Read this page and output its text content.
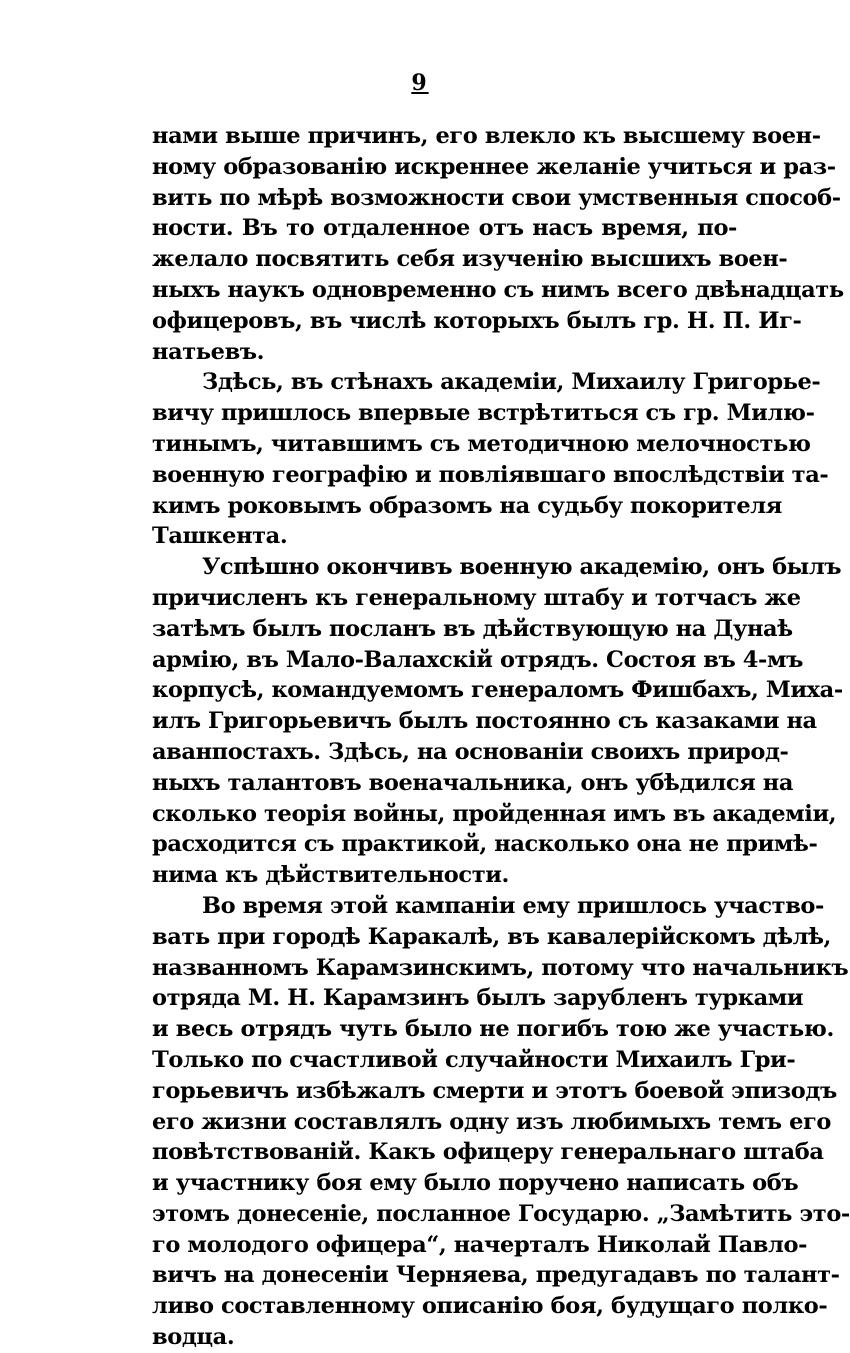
9
нами выше причинъ, его влекло къ высшему воен-
ному образованiю искреннее желанiе учиться и раз-
вить по мѣрѣ возможности свои умственныя способ-
ности. Въ то отдаленное отъ насъ время, по-
желало посвятить себя изученiю высшихъ воен-
ныхъ наукъ одновременно съ нимъ всего двѣнадцать
офицеровъ, въ числѣ которыхъ былъ гр. Н. П. Иг-
натьевъ.
Здѣсь, въ стѣнахъ академiи, Михаилу Григорье-
вичу пришлось впервые встрѣтиться съ гр. Милю-
тинымъ, читавшимъ съ методичною мелочностью
военную географiю и повлiявшаго впослѣдствiи та-
кимъ роковымъ образомъ на судьбу покорителя
Ташкента.
Успѣшно окончивъ военную академiю, онъ былъ
причисленъ къ генеральному штабу и тотчасъ же
затѣмъ былъ посланъ въ дѣйствующую на Дунаѣ
армiю, въ Мало-Валахскiй отрядъ. Состоя въ 4-мъ
корпусѣ, командуемомъ генераломъ Фишбахъ, Миха-
илъ Григорьевичъ былъ постоянно съ казаками на
аванпостахъ. Здѣсь, на основанiи своихъ природ-
ныхъ талантовъ военачальника, онъ убѣдился на
сколько теорiя войны, пройденная имъ въ академiи,
расходится съ практикой, насколько она не примѣ-
нима къ дѣйствительности.
Во время этой кампанiи ему пришлось участво-
вать при городѣ Каракалѣ, въ кавалерiйскомъ дѣлѣ,
названномъ Карамзинскимъ, потому что начальникъ
отряда М. Н. Карамзинъ былъ зарубленъ турками
и весь отрядъ чуть было не погибъ тою же участью.
Только по счастливой случайности Михаилъ Гри-
горьевичъ избѣжалъ смерти и этотъ боевой эпизодъ
его жизни составлялъ одну изъ любимыхъ темъ его
повѣтствованiй. Какъ офицеру генеральнаго штаба
и участнику боя ему было поручено написать объ
этомъ донесенiе, посланное Государю. „Замѣтить это-
го молодого офицера“, начерталъ Николай Павло-
вичъ на донесенiи Черняева, предугадавъ по талант-
ливо составленному описанiю боя, будущаго полко-
водца.
